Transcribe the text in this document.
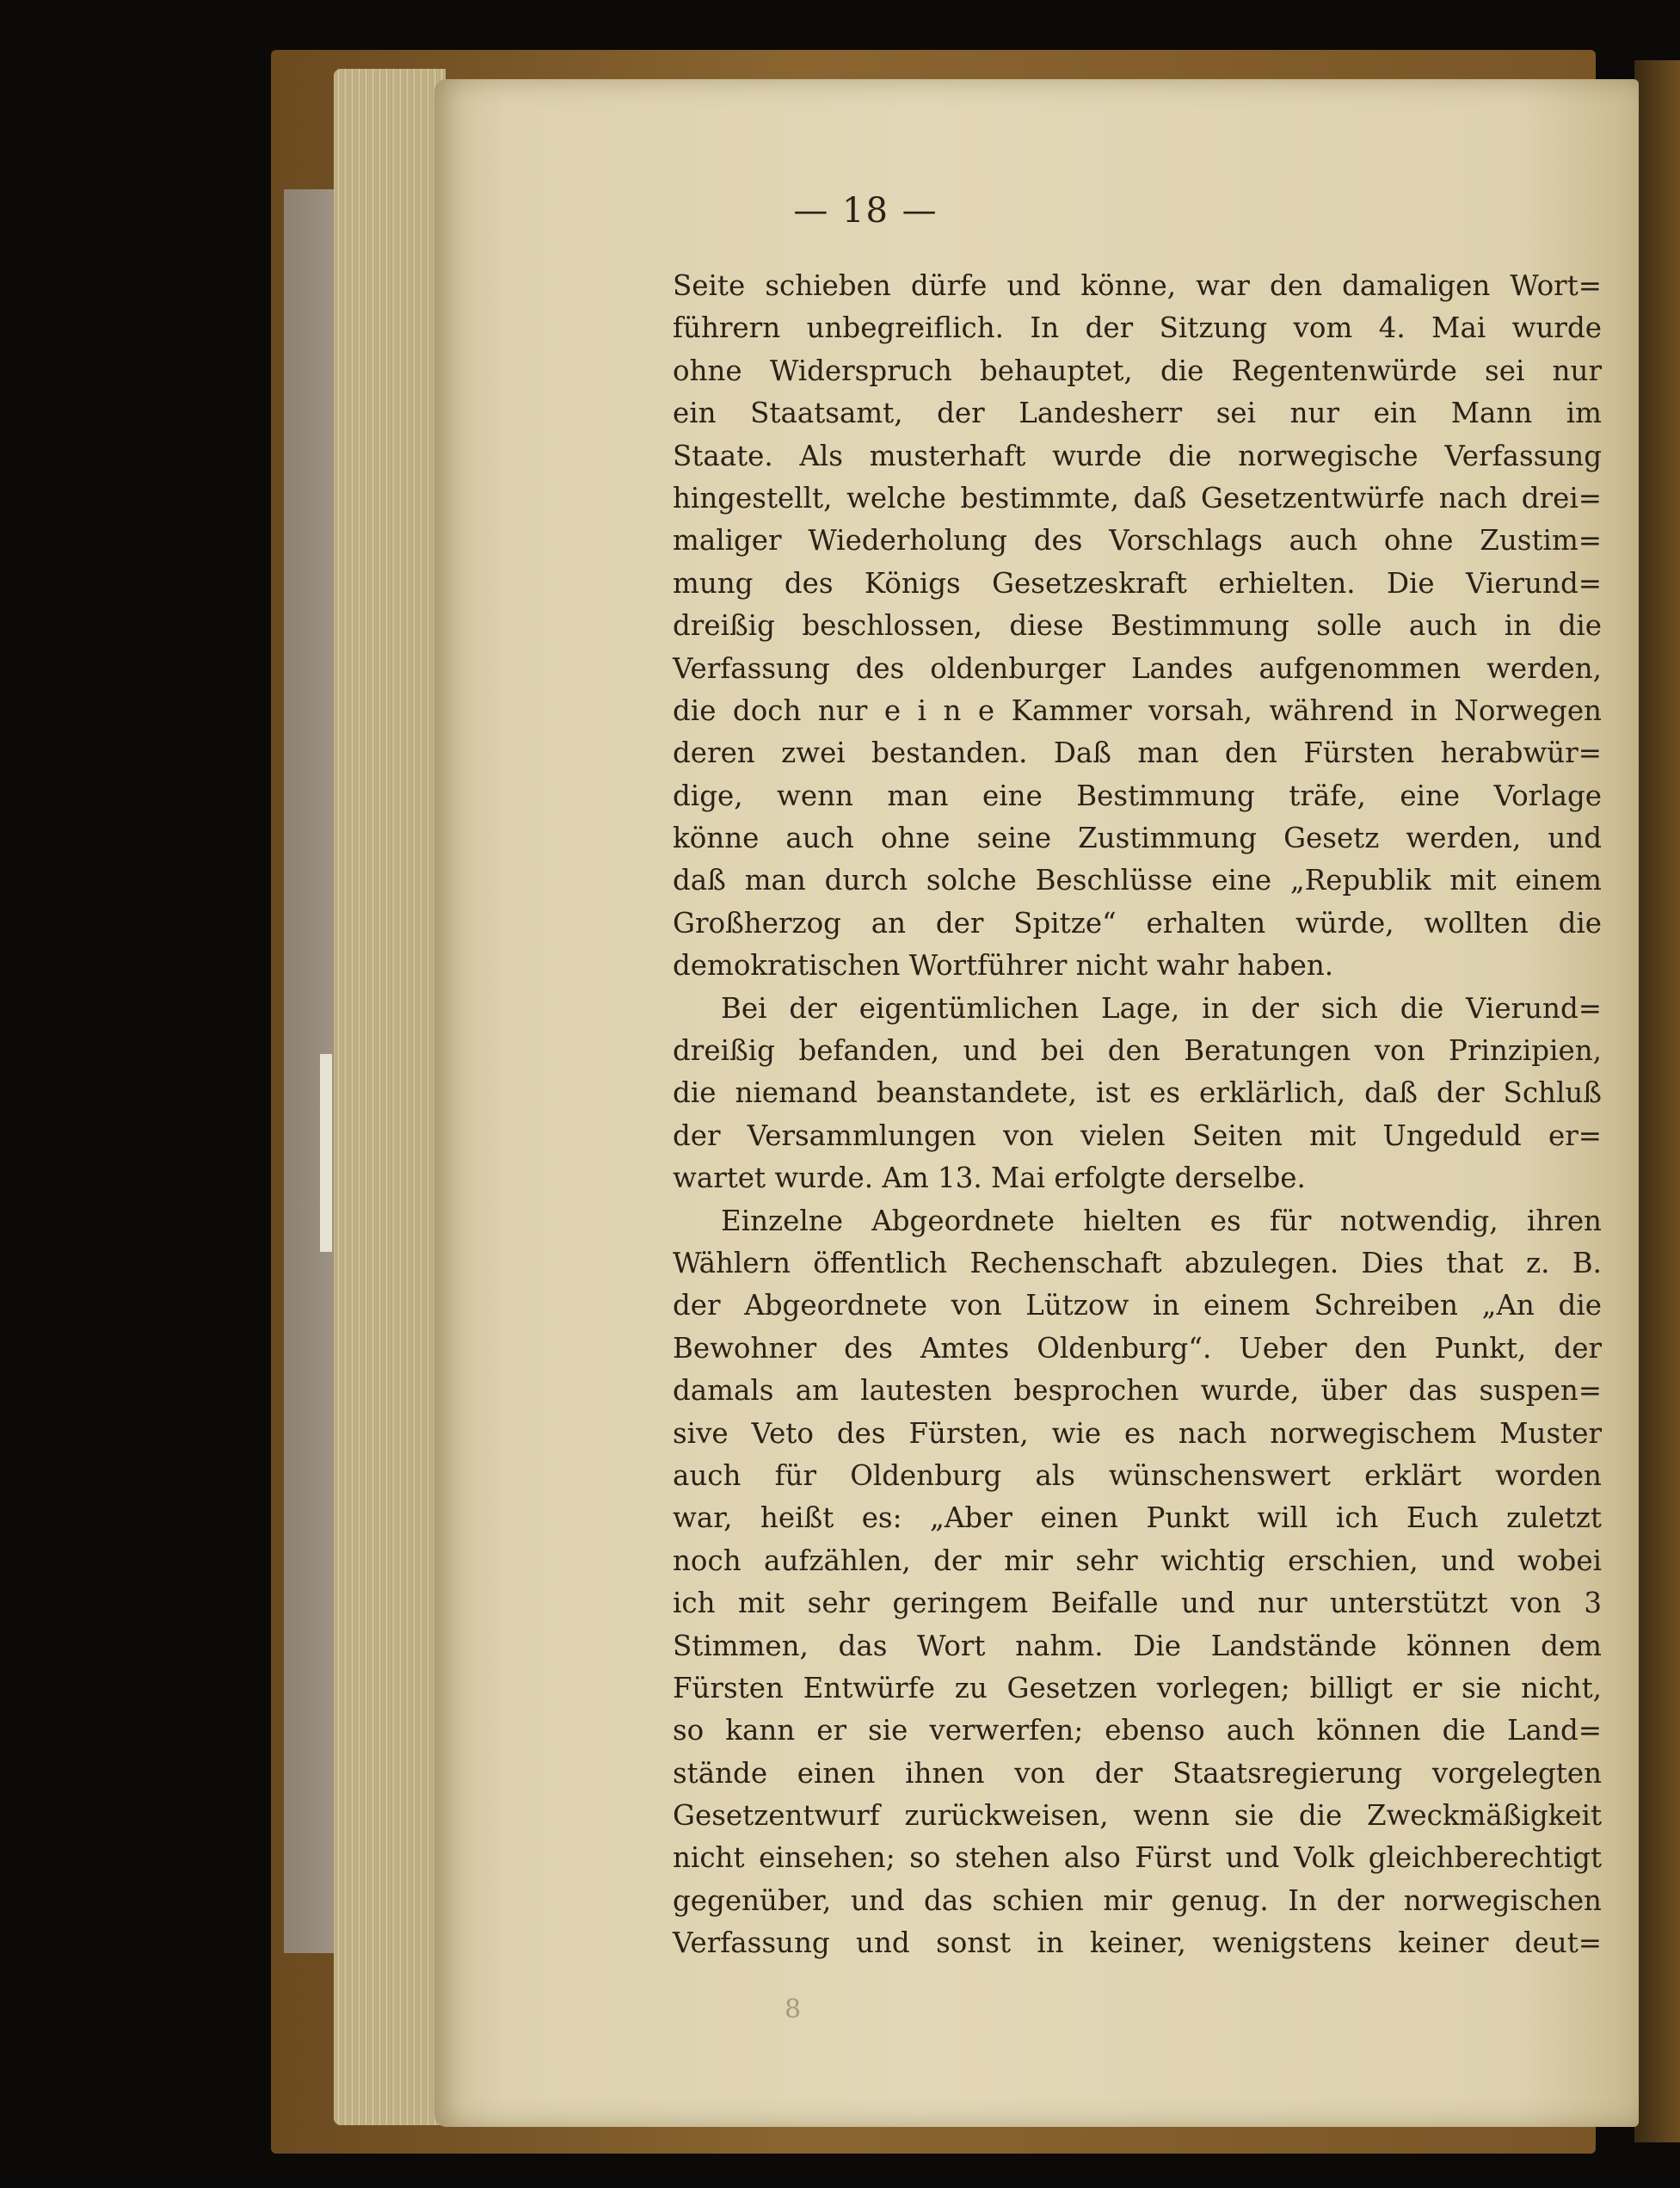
— 18 —
Seite schieben dürfe und könne, war den damaligen Wort=
führern unbegreiflich. In der Sitzung vom 4. Mai wurde
ohne Widerspruch behauptet, die Regentenwürde sei nur
ein Staatsamt, der Landesherr sei nur ein Mann im
Staate. Als musterhaft wurde die norwegische Verfassung
hingestellt, welche bestimmte, daß Gesetzentwürfe nach drei=
maliger Wiederholung des Vorschlags auch ohne Zustim=
mung des Königs Gesetzeskraft erhielten. Die Vierund=
dreißig beschlossen, diese Bestimmung solle auch in die
Verfassung des oldenburger Landes aufgenommen werden,
die doch nur e i n e Kammer vorsah, während in Norwegen
deren zwei bestanden. Daß man den Fürsten herabwür=
dige, wenn man eine Bestimmung träfe, eine Vorlage
könne auch ohne seine Zustimmung Gesetz werden, und
daß man durch solche Beschlüsse eine „Republik mit einem
Großherzog an der Spitze“ erhalten würde, wollten die
demokratischen Wortführer nicht wahr haben.
Bei der eigentümlichen Lage, in der sich die Vierund=
dreißig befanden, und bei den Beratungen von Prinzipien,
die niemand beanstandete, ist es erklärlich, daß der Schluß
der Versammlungen von vielen Seiten mit Ungeduld er=
wartet wurde. Am 13. Mai erfolgte derselbe.
Einzelne Abgeordnete hielten es für notwendig, ihren
Wählern öffentlich Rechenschaft abzulegen. Dies that z. B.
der Abgeordnete von Lützow in einem Schreiben „An die
Bewohner des Amtes Oldenburg“. Ueber den Punkt, der
damals am lautesten besprochen wurde, über das suspen=
sive Veto des Fürsten, wie es nach norwegischem Muster
auch für Oldenburg als wünschenswert erklärt worden
war, heißt es: „Aber einen Punkt will ich Euch zuletzt
noch aufzählen, der mir sehr wichtig erschien, und wobei
ich mit sehr geringem Beifalle und nur unterstützt von 3
Stimmen, das Wort nahm. Die Landstände können dem
Fürsten Entwürfe zu Gesetzen vorlegen; billigt er sie nicht,
so kann er sie verwerfen; ebenso auch können die Land=
stände einen ihnen von der Staatsregierung vorgelegten
Gesetzentwurf zurückweisen, wenn sie die Zweckmäßigkeit
nicht einsehen; so stehen also Fürst und Volk gleichberechtigt
gegenüber, und das schien mir genug. In der norwegischen
Verfassung und sonst in keiner, wenigstens keiner deut=
8
